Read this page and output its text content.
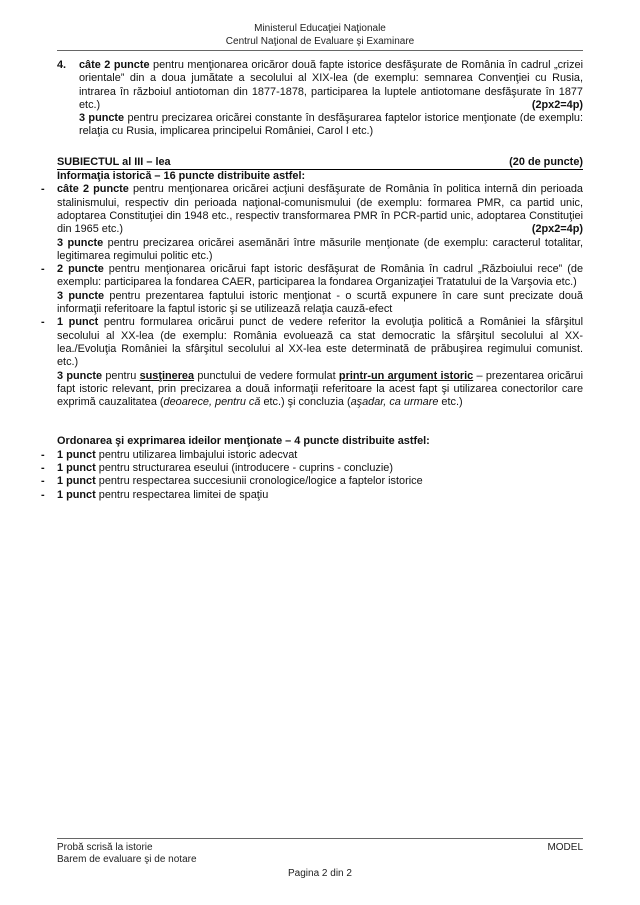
Ministerul Educaţiei Naţionale
Centrul Naţional de Evaluare şi Examinare
4.	câte 2 puncte pentru menţionarea oricăror două fapte istorice desfăşurate de România în cadrul „crizei orientale” din a doua jumătate a secolului al XIX-lea (de exemplu: semnarea Convenţiei cu Rusia, intrarea în războiul antiotoman din 1877-1878, participarea la luptele antiotomane desfăşurate în 1877 etc.)	(2px2=4p)
3 puncte pentru precizarea oricărei constante în desfăşurarea faptelor istorice menţionate (de exemplu: relaţia cu Rusia, implicarea principelui României, Carol I etc.)
SUBIECTUL al III – lea	(20 de puncte)
Informaţia istorică – 16 puncte distribuite astfel:
-	câte 2 puncte pentru menţionarea oricărei acţiuni desfăşurate de România în politica internă din perioada stalinismului, respectiv din perioada naţional-comunismului (de exemplu: formarea PMR, ca partid unic, adoptarea Constituţiei din 1948 etc., respectiv transformarea PMR în PCR-partid unic, adoptarea Constituţiei din 1965 etc.)	(2px2=4p)
3 puncte pentru precizarea oricărei asemănări între măsurile menţionate (de exemplu: caracterul totalitar, legitimarea regimului politic etc.)
-	2 puncte pentru menţionarea oricărui fapt istoric desfăşurat de România în cadrul „Războiului rece” (de exemplu: participarea la fondarea CAER, participarea la fondarea Organizaţiei Tratatului de la Varşovia etc.)
3 puncte pentru prezentarea faptului istoric menţionat - o scurtă expunere în care sunt precizate două informaţii referitoare la faptul istoric şi se utilizează relaţia cauză-efect
-	1 punct pentru formularea oricărui punct de vedere referitor la evoluţia politică a României la sfârşitul secolului al XX-lea (de exemplu: România evoluează ca stat democratic la sfârşitul secolului al XX-lea./Evoluţia României la sfârşitul secolului al XX-lea este determinată de prăbuşirea regimului comunist. etc.)
3 puncte pentru susţinerea punctului de vedere formulat printr-un argument istoric – prezentarea oricărui fapt istoric relevant, prin precizarea a două informaţii referitoare la acest fapt şi utilizarea conectorilor care exprimă cauzalitatea (deoarece, pentru că etc.) şi concluzia (aşadar, ca urmare etc.)
Ordonarea şi exprimarea ideilor menţionate – 4 puncte distribuite astfel:
-	1 punct pentru utilizarea limbajului istoric adecvat
-	1 punct pentru structurarea eseului (introducere - cuprins - concluzie)
-	1 punct pentru respectarea succesiunii cronologice/logice a faptelor istorice
-	1 punct pentru respectarea limitei de spaţiu
Probă scrisă la istorie	MODEL
Barem de evaluare şi de notare
Pagina 2 din 2
